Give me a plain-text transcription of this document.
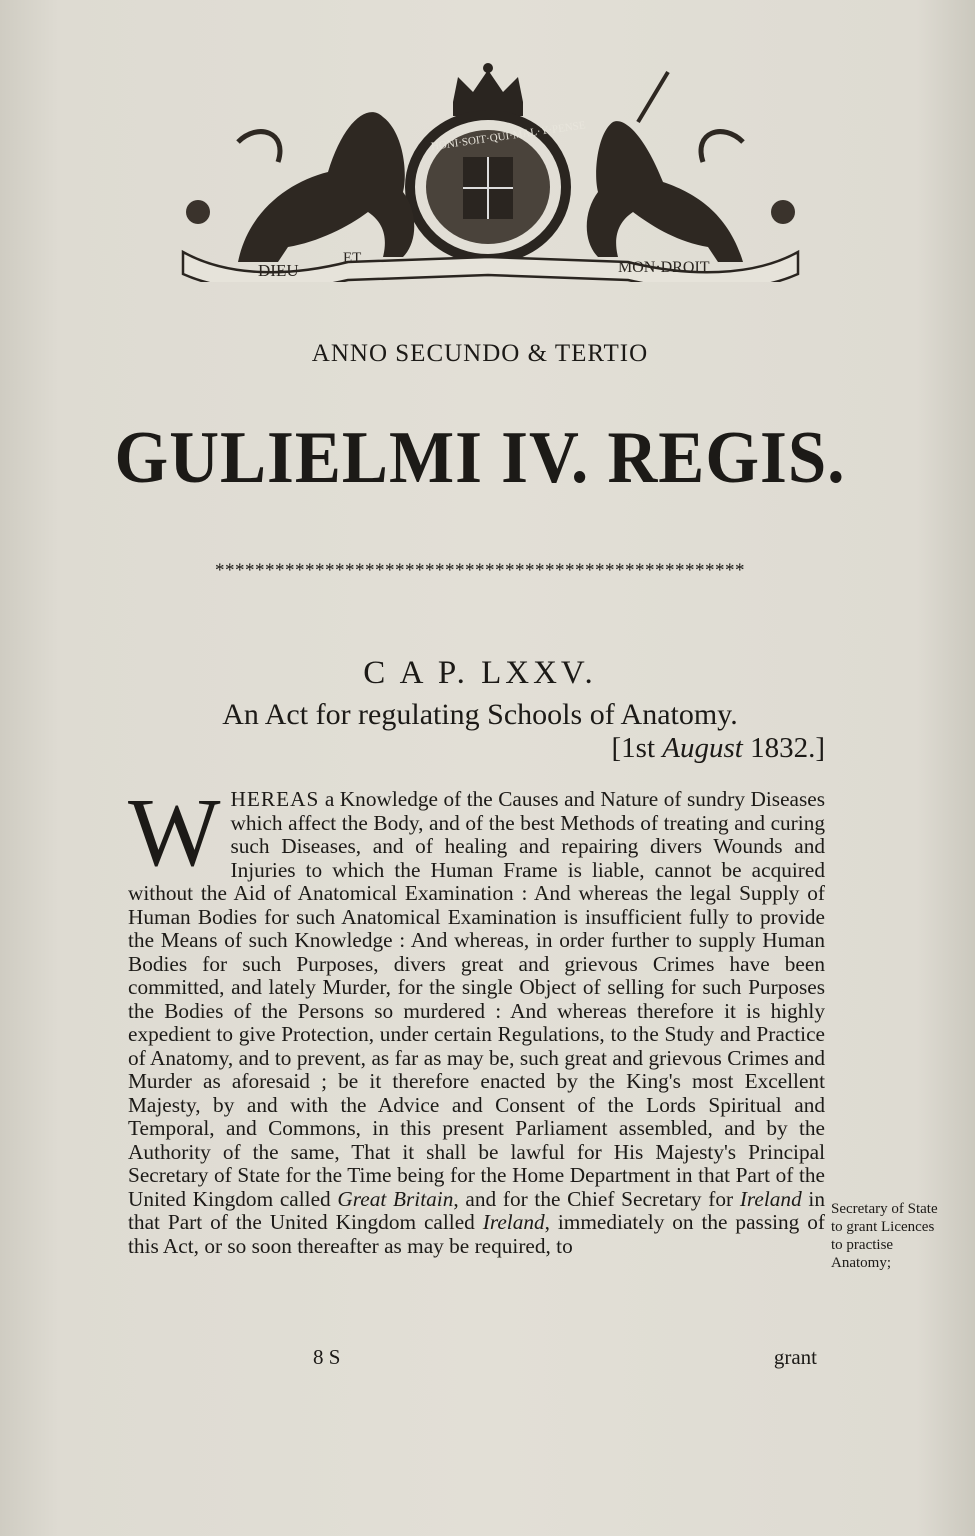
DIEU
ET
MON·DROIT
HONI·SOIT·QUI·MAL·Y·PENSE
ANNO SECUNDO & TERTIO
GULIELMI IV. REGIS.
*****************************************************
C A P. LXXV.
An Act for regulating Schools of Anatomy.
[1st August 1832.]
WHEREAS a Knowledge of the Causes and Nature of sundry Diseases which affect the Body, and of the best Methods of treating and curing such Diseases, and of healing and repairing divers Wounds and Injuries to which the Human Frame is liable, cannot be acquired without the Aid of Anatomical Examination : And whereas the legal Supply of Human Bodies for such Anatomical Examination is insufficient fully to provide the Means of such Knowledge : And whereas, in order further to supply Human Bodies for such Purposes, divers great and grievous Crimes have been committed, and lately Murder, for the single Object of selling for such Purposes the Bodies of the Persons so murdered : And whereas therefore it is highly expedient to give Protection, under certain Regulations, to the Study and Practice of Anatomy, and to prevent, as far as may be, such great and grievous Crimes and Murder as aforesaid ; be it therefore enacted by the King's most Excellent Majesty, by and with the Advice and Consent of the Lords Spiritual and Temporal, and Commons, in this present Parliament assembled, and by the Authority of the same, That it shall be lawful for His Majesty's Principal Secretary of State for the Time being for the Home Department in that Part of the United Kingdom called Great Britain, and for the Chief Secretary for Ireland in that Part of the United Kingdom called Ireland, immediately on the passing of this Act, or so soon thereafter as may be required, to
Secretary of State to grant Licences to practise Anatomy;
8 S	grant
